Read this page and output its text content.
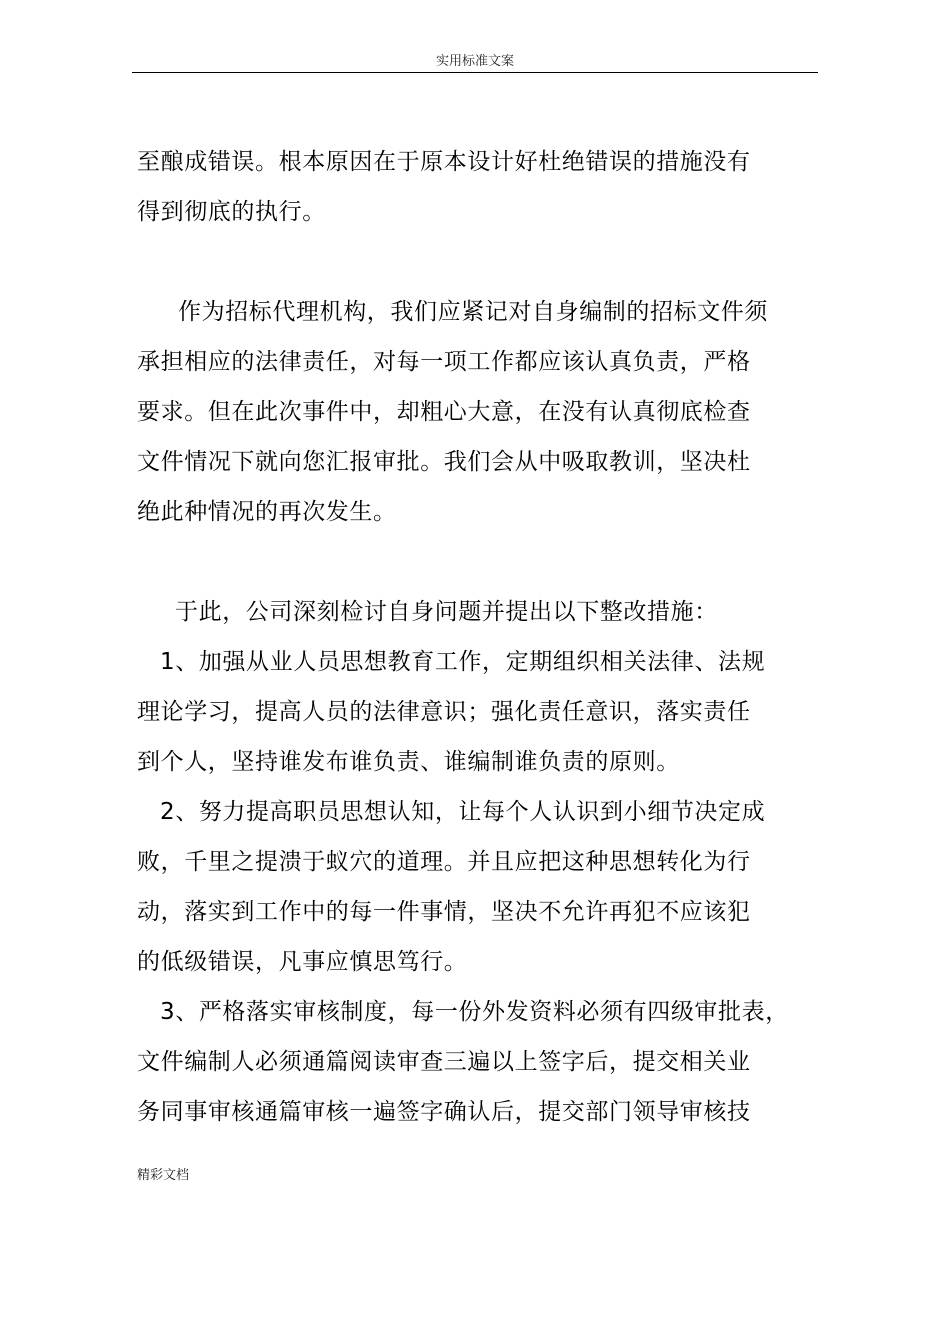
实用标准文案
至酿成错误。根本原因在于原本设计好杜绝错误的措施没有
得到彻底的执行。
作为招标代理机构，我们应紧记对自身编制的招标文件须
承担相应的法律责任，对每一项工作都应该认真负责，严格
要求。但在此次事件中，却粗心大意，在没有认真彻底检查
文件情况下就向您汇报审批。我们会从中吸取教训，坚决杜
绝此种情况的再次发生。
于此，公司深刻检讨自身问题并提出以下整改措施：
1、加强从业人员思想教育工作，定期组织相关法律、法规
理论学习，提高人员的法律意识；强化责任意识，落实责任
到个人，坚持谁发布谁负责、谁编制谁负责的原则。
2、努力提高职员思想认知，让每个人认识到小细节决定成
败，千里之提溃于蚁穴的道理。并且应把这种思想转化为行
动，落实到工作中的每一件事情，坚决不允许再犯不应该犯
的低级错误，凡事应慎思笃行。
3、严格落实审核制度，每一份外发资料必须有四级审批表，
文件编制人必须通篇阅读审查三遍以上签字后，提交相关业
务同事审核通篇审核一遍签字确认后，提交部门领导审核技
精彩文档
